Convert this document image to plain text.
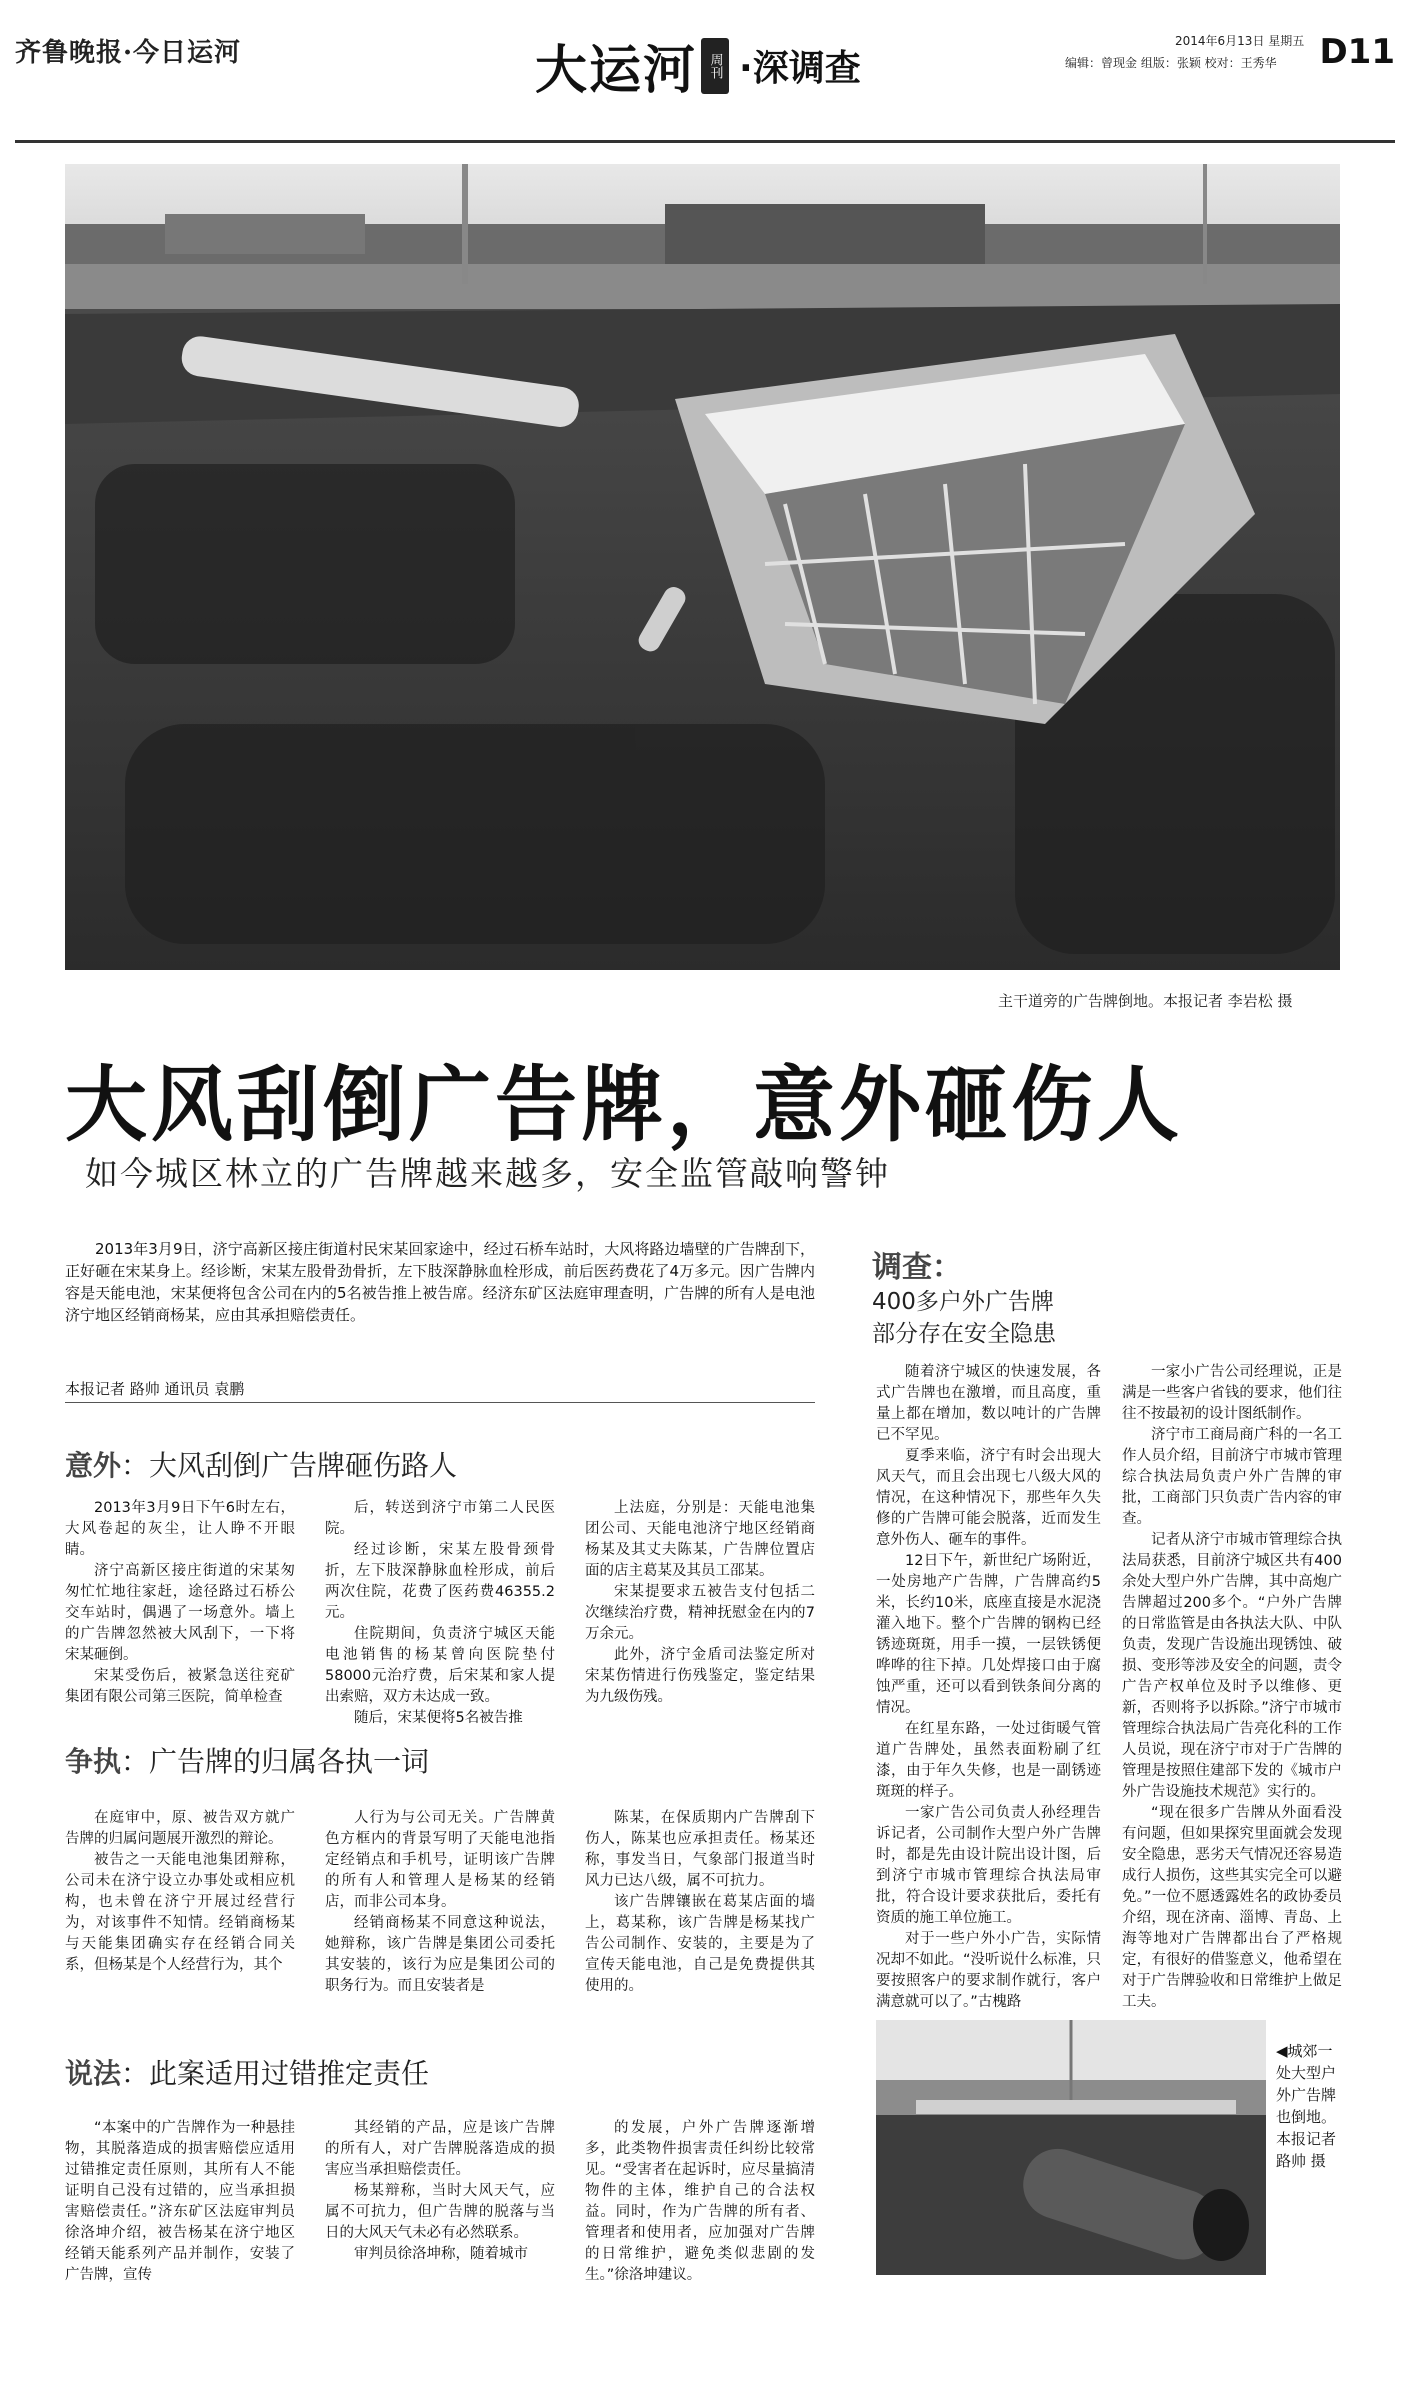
齐鲁晚报·今日运河	大运河 周刊 ·深调查
2014年6月13日 星期五
编辑：曾现金 组版：张颖 校对：王秀华 D11
主干道旁的广告牌倒地。本报记者 李岩松 摄
大风刮倒广告牌，意外砸伤人
如今城区林立的广告牌越来越多，安全监管敲响警钟
2013年3月9日，济宁高新区接庄街道村民宋某回家途中，经过石桥车站时，大风将路边墙壁的广告牌刮下，正好砸在宋某身上。经诊断，宋某左股骨劲骨折，左下肢深静脉血栓形成，前后医药费花了4万多元。因广告牌内容是天能电池，宋某便将包含公司在内的5名被告推上被告席。经济东矿区法庭审理查明，广告牌的所有人是电池济宁地区经销商杨某，应由其承担赔偿责任。
本报记者 路帅 通讯员 袁鹏
意外：大风刮倒广告牌砸伤路人

2013年3月9日下午6时左右，大风卷起的灰尘，让人睁不开眼睛。

济宁高新区接庄街道的宋某匆匆忙忙地往家赶，途径路过石桥公交车站时，偶遇了一场意外。墙上的广告牌忽然被大风刮下，一下将宋某砸倒。

宋某受伤后，被紧急送往兖矿集团有限公司第三医院，简单检查

后，转送到济宁市第二人民医院。

经过诊断，宋某左股骨颈骨折，左下肢深静脉血栓形成，前后两次住院，花费了医药费46355.2元。

住院期间，负责济宁城区天能电池销售的杨某曾向医院垫付58000元治疗费，后宋某和家人提出索赔，双方未达成一致。

随后，宋某便将5名被告推

上法庭，分别是：天能电池集团公司、天能电池济宁地区经销商杨某及其丈夫陈某，广告牌位置店面的店主葛某及其员工邵某。

宋某提要求五被告支付包括二次继续治疗费，精神抚慰金在内的7万余元。

此外，济宁金盾司法鉴定所对宋某伤情进行伤残鉴定，鉴定结果为九级伤残。

争执：广告牌的归属各执一词

在庭审中，原、被告双方就广告牌的归属问题展开激烈的辩论。

被告之一天能电池集团辩称，公司未在济宁设立办事处或相应机构，也未曾在济宁开展过经营行为，对该事件不知情。经销商杨某与天能集团确实存在经销合同关系，但杨某是个人经营行为，其个

人行为与公司无关。广告牌黄色方框内的背景写明了天能电池指定经销点和手机号，证明该广告牌的所有人和管理人是杨某的经销店，而非公司本身。

经销商杨某不同意这种说法，她辩称，该广告牌是集团公司委托其安装的，该行为应是集团公司的职务行为。而且安装者是

陈某，在保质期内广告牌刮下伤人，陈某也应承担责任。杨某还称，事发当日，气象部门报道当时风力已达八级，属不可抗力。

该广告牌镶嵌在葛某店面的墙上，葛某称，该广告牌是杨某找广告公司制作、安装的，主要是为了宣传天能电池，自己是免费提供其使用的。

说法：此案适用过错推定责任

“本案中的广告牌作为一种悬挂物，其脱落造成的损害赔偿应适用过错推定责任原则，其所有人不能证明自己没有过错的，应当承担损害赔偿责任。”济东矿区法庭审判员徐洛坤介绍，被告杨某在济宁地区经销天能系列产品并制作，安装了广告牌，宣传

其经销的产品，应是该广告牌的所有人，对广告牌脱落造成的损害应当承担赔偿责任。

杨某辩称，当时大风天气，应属不可抗力，但广告牌的脱落与当日的大风天气未必有必然联系。

审判员徐洛坤称，随着城市

的发展，户外广告牌逐渐增多，此类物件损害责任纠纷比较常见。“受害者在起诉时，应尽量搞清物件的主体，维护自己的合法权益。同时，作为广告牌的所有者、管理者和使用者，应加强对广告牌的日常维护，避免类似悲剧的发生。”徐洛坤建议。

调查：
400多户外广告牌
部分存在安全隐患

随着济宁城区的快速发展，各式广告牌也在激增，而且高度，重量上都在增加，数以吨计的广告牌已不罕见。

夏季来临，济宁有时会出现大风天气，而且会出现七八级大风的情况，在这种情况下，那些年久失修的广告牌可能会脱落，近而发生意外伤人、砸车的事件。

12日下午，新世纪广场附近，一处房地产广告牌，广告牌高约5米，长约10米，底座直接是水泥浇灌入地下。整个广告牌的钢构已经锈迹斑斑，用手一摸，一层铁锈便哗哗的往下掉。几处焊接口由于腐蚀严重，还可以看到铁条间分离的情况。

在红星东路，一处过街暖气管道广告牌处，虽然表面粉刷了红漆，由于年久失修，也是一副锈迹斑斑的样子。

一家广告公司负责人孙经理告诉记者，公司制作大型户外广告牌时，都是先由设计院出设计图，后到济宁市城市管理综合执法局审批，符合设计要求获批后，委托有资质的施工单位施工。

对于一些户外小广告，实际情况却不如此。“没听说什么标准，只要按照客户的要求制作就行，客户满意就可以了。”古槐路

一家小广告公司经理说，正是满是一些客户省钱的要求，他们往往不按最初的设计图纸制作。

济宁市工商局商广科的一名工作人员介绍，目前济宁市城市管理综合执法局负责户外广告牌的审批，工商部门只负责广告内容的审查。

记者从济宁市城市管理综合执法局获悉，目前济宁城区共有400余处大型户外广告牌，其中高炮广告牌超过200多个。“户外广告牌的日常监管是由各执法大队、中队负责，发现广告设施出现锈蚀、破损、变形等涉及安全的问题，责令广告产权单位及时予以维修、更新，否则将予以拆除。”济宁市城市管理综合执法局广告亮化科的工作人员说，现在济宁市对于广告牌的管理是按照住建部下发的《城市户外广告设施技术规范》实行的。

“现在很多广告牌从外面看没有问题，但如果探究里面就会发现安全隐患，恶劣天气情况还容易造成行人损伤，这些其实完全可以避免。”一位不愿透露姓名的政协委员介绍，现在济南、淄博、青岛、上海等地对广告牌都出台了严格规定，有很好的借鉴意义，他希望在对于广告牌验收和日常维护上做足工夫。

◀城郊一处大型户外广告牌也倒地。本报记者 路帅 摄
